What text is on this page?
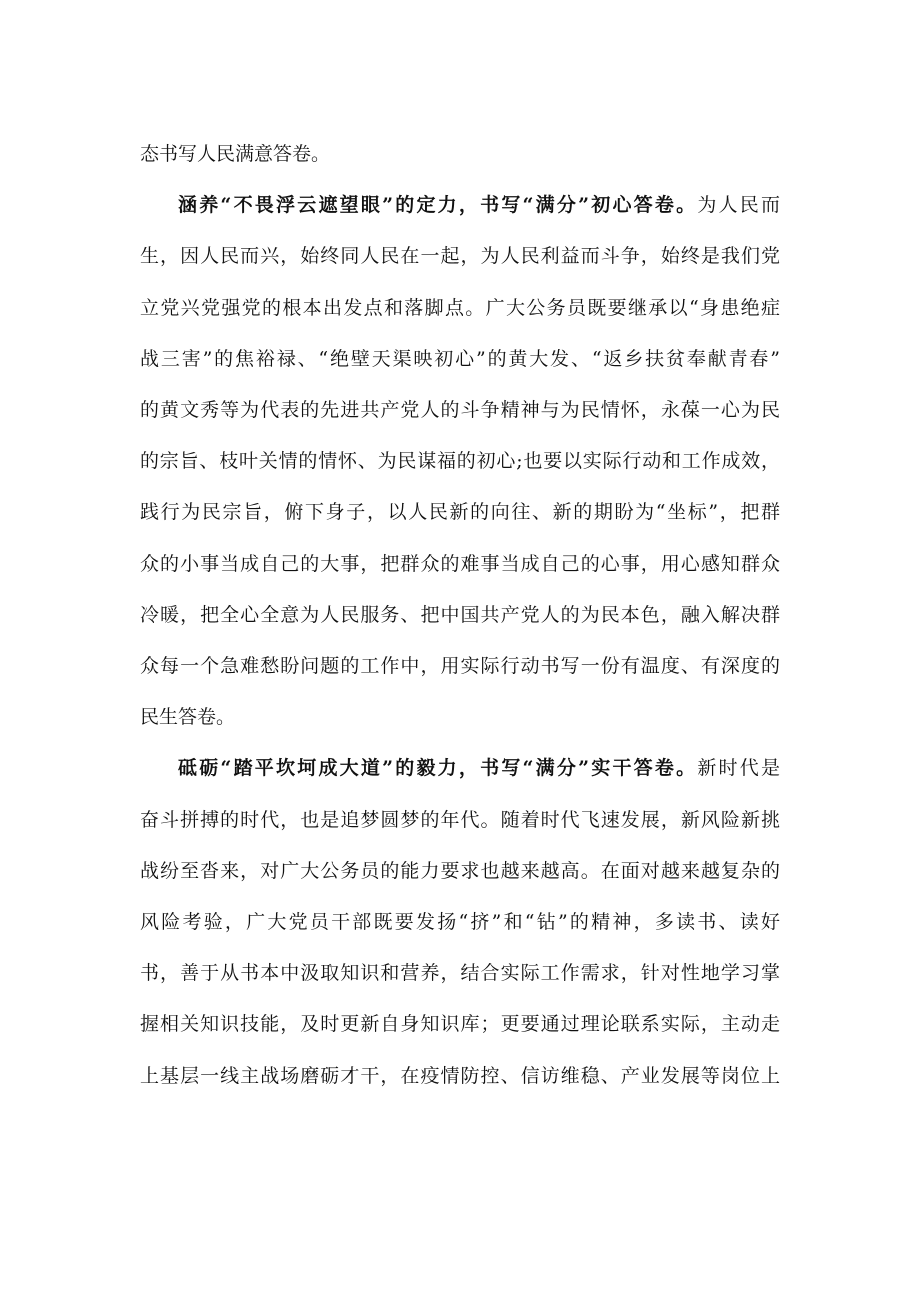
态书写人民满意答卷。
涵养“不畏浮云遮望眼”的定力，书写“满分”初心答卷。为人民而
生，因人民而兴，始终同人民在一起，为人民利益而斗争，始终是我们党
立党兴党强党的根本出发点和落脚点。广大公务员既要继承以“身患绝症
战三害”的焦裕禄、“绝壁天渠映初心”的黄大发、“返乡扶贫奉献青春”
的黄文秀等为代表的先进共产党人的斗争精神与为民情怀，永葆一心为民
的宗旨、枝叶关情的情怀、为民谋福的初心;也要以实际行动和工作成效，
践行为民宗旨，俯下身子，以人民新的向往、新的期盼为“坐标”，把群
众的小事当成自己的大事，把群众的难事当成自己的心事，用心感知群众
冷暖，把全心全意为人民服务、把中国共产党人的为民本色，融入解决群
众每一个急难愁盼问题的工作中，用实际行动书写一份有温度、有深度的
民生答卷。
砥砺“踏平坎坷成大道”的毅力，书写“满分”实干答卷。新时代是
奋斗拼搏的时代，也是追梦圆梦的年代。随着时代飞速发展，新风险新挑
战纷至沓来，对广大公务员的能力要求也越来越高。在面对越来越复杂的
风险考验，广大党员干部既要发扬“挤”和“钻”的精神，多读书、读好
书，善于从书本中汲取知识和营养，结合实际工作需求，针对性地学习掌
握相关知识技能，及时更新自身知识库；更要通过理论联系实际，主动走
上基层一线主战场磨砺才干，在疫情防控、信访维稳、产业发展等岗位上
